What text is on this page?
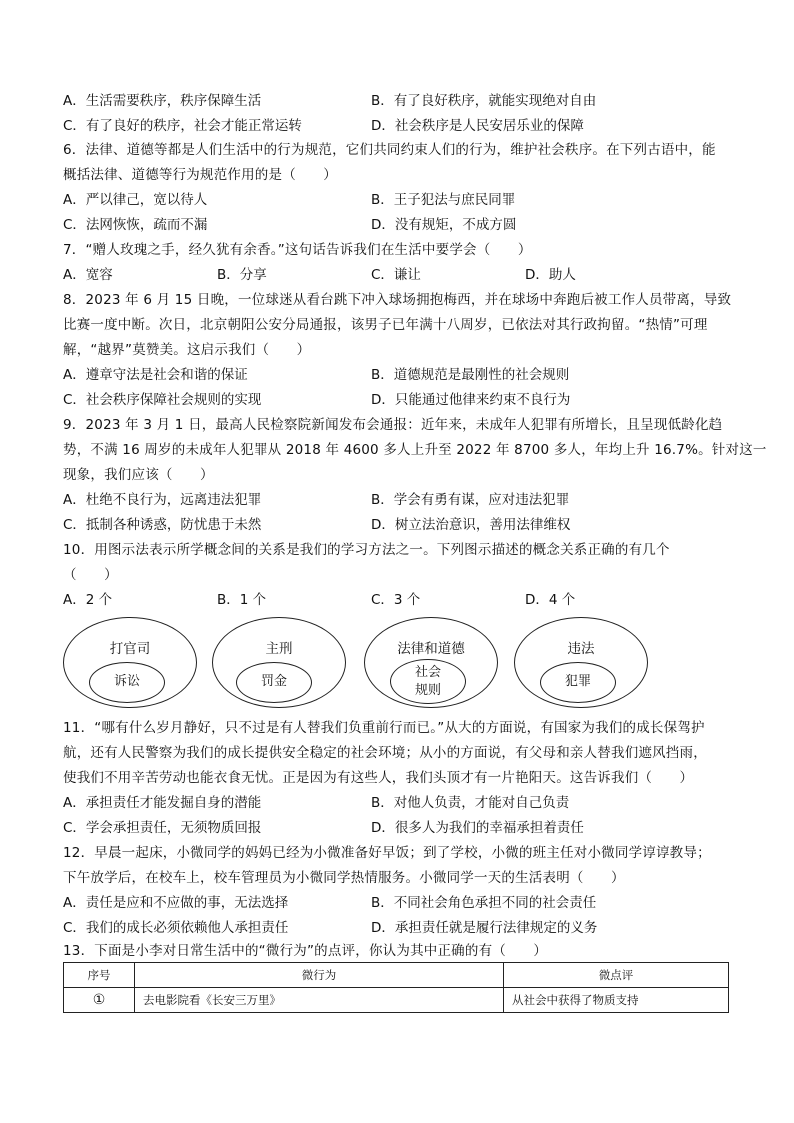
A．生活需要秩序，秩序保障生活	B．有了良好秩序，就能实现绝对自由
C．有了良好的秩序，社会才能正常运转	D．社会秩序是人民安居乐业的保障
6．法律、道德等都是人们生活中的行为规范，它们共同约束人们的行为，维护社会秩序。在下列古语中，能
概括法律、道德等行为规范作用的是（　　）
A．严以律己，宽以待人	B．王子犯法与庶民同罪
C．法网恢恢，疏而不漏	D．没有规矩，不成方圆
7．“赠人玫瑰之手，经久犹有余香。”这句话告诉我们在生活中要学会（　　）
A．宽容	B．分享	C．谦让	D．助人
8．2023 年 6 月 15 日晚，一位球迷从看台跳下冲入球场拥抱梅西，并在球场中奔跑后被工作人员带离，导致
比赛一度中断。次日，北京朝阳公安分局通报，该男子已年满十八周岁，已依法对其行政拘留。“热情”可理
解，“越界”莫赞美。这启示我们（　　）
A．遵章守法是社会和谐的保证	B．道德规范是最刚性的社会规则
C．社会秩序保障社会规则的实现	D．只能通过他律来约束不良行为
9．2023 年 3 月 1 日，最高人民检察院新闻发布会通报：近年来，未成年人犯罪有所增长，且呈现低龄化趋
势，不满 16 周岁的未成年人犯罪从 2018 年 4600 多人上升至 2022 年 8700 多人，年均上升 16.7%。针对这一
现象，我们应该（　　）
A．杜绝不良行为，远离违法犯罪	B．学会有勇有谋，应对违法犯罪
C．抵制各种诱惑，防忧患于未然	D．树立法治意识，善用法律维权
10．用图示法表示所学概念间的关系是我们的学习方法之一。下列图示描述的概念关系正确的有几个
（　　）
A．2 个	B．1 个	C．3 个	D．4 个
打官司
诉讼
主刑
罚金
法律和道德
社会
规则
违法
犯罪
11．“哪有什么岁月静好，只不过是有人替我们负重前行而已。”从大的方面说，有国家为我们的成长保驾护
航，还有人民警察为我们的成长提供安全稳定的社会环境；从小的方面说，有父母和亲人替我们遮风挡雨，
使我们不用辛苦劳动也能衣食无忧。正是因为有这些人，我们头顶才有一片艳阳天。这告诉我们（　　）
A．承担责任才能发掘自身的潜能	B．对他人负责，才能对自己负责
C．学会承担责任，无须物质回报	D．很多人为我们的幸福承担着责任
12．早晨一起床，小微同学的妈妈已经为小微准备好早饭；到了学校，小微的班主任对小微同学谆谆教导；
下午放学后，在校车上，校车管理员为小微同学热情服务。小微同学一天的生活表明（　　）
A．责任是应和不应做的事，无法选择	B．不同社会角色承担不同的社会责任
C．我们的成长必须依赖他人承担责任	D．承担责任就是履行法律规定的义务
13．下面是小李对日常生活中的“微行为”的点评，你认为其中正确的有（　　）
序号	微行为	微点评
①	去电影院看《长安三万里》	从社会中获得了物质支持
